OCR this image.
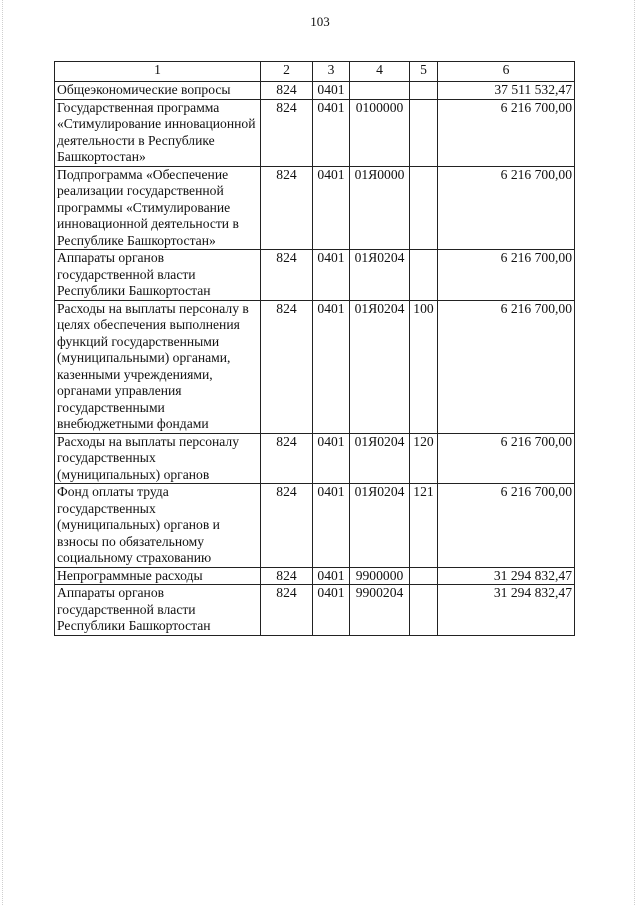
103
1	2	3	4	5	6
Общеэкономические вопросы	824	0401			37 511 532,47
Государственная программа «Стимулирование инновационной деятельности в Республике Башкортостан»	824	0401	0100000		6 216 700,00
Подпрограмма «Обеспечение реализации государственной программы «Стимулирование инновационной деятельности в Республике Башкортостан»	824	0401	01Я0000		6 216 700,00
Аппараты органов государственной власти Республики Башкортостан	824	0401	01Я0204		6 216 700,00
Расходы на выплаты персоналу в целях обеспечения выполнения функций государственными (муниципальными) органами, казенными учреждениями, органами управления государственными внебюджетными фондами	824	0401	01Я0204	100	6 216 700,00
Расходы на выплаты персоналу государственных (муниципальных) органов	824	0401	01Я0204	120	6 216 700,00
Фонд оплаты труда государственных (муниципальных) органов и взносы по обязательному социальному страхованию	824	0401	01Я0204	121	6 216 700,00
Непрограммные расходы	824	0401	9900000		31 294 832,47
Аппараты органов государственной власти Республики Башкортостан	824	0401	9900204		31 294 832,47
